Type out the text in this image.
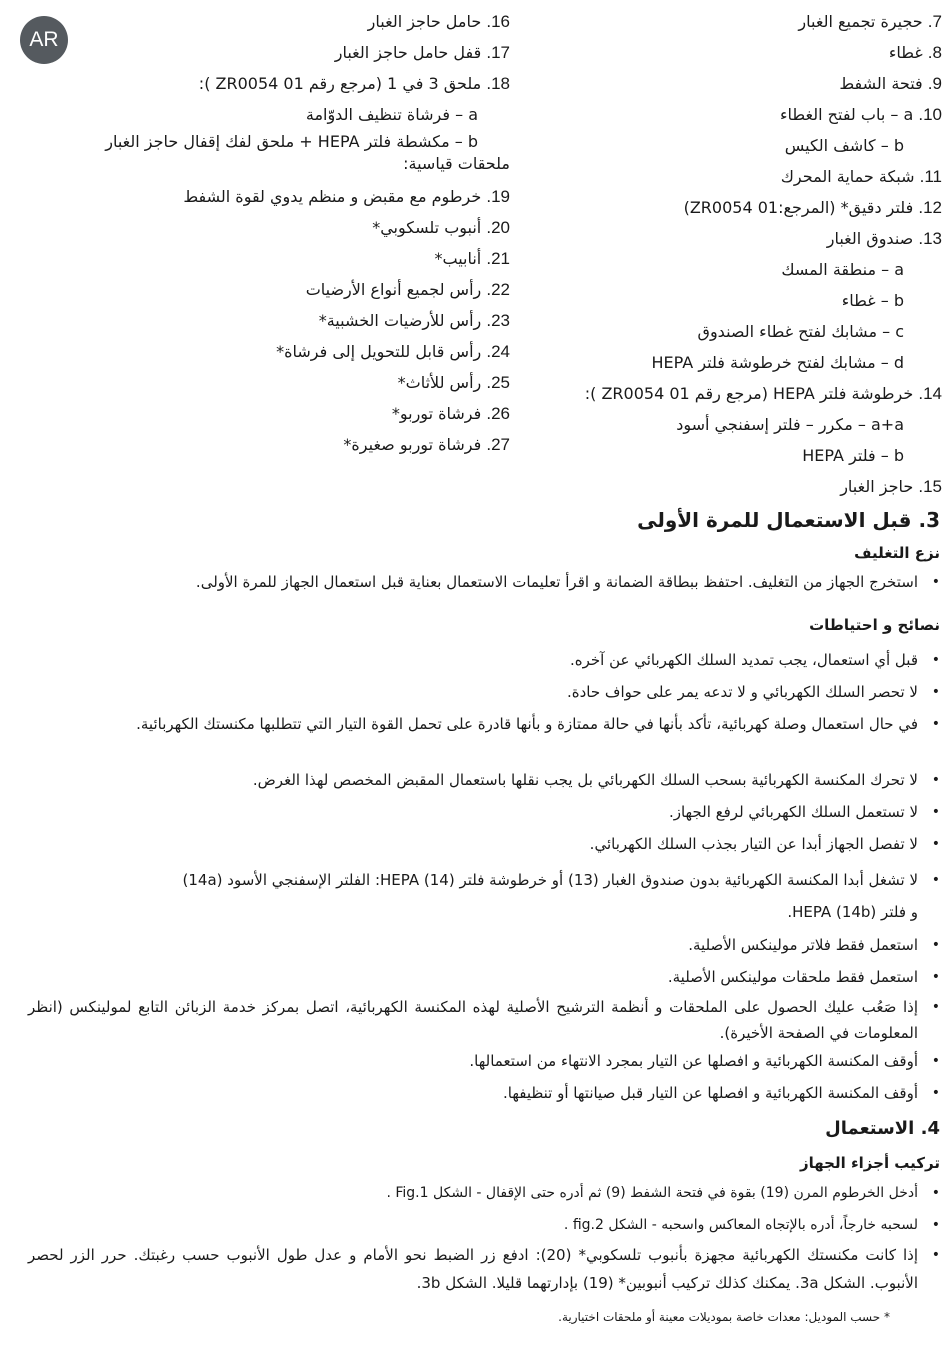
AR
7. حجيرة تجميع الغبار
8. غطاء
9. فتحة الشفط
10. a – باب لفتح الغطاء
b – كاشف الكيس
11. شبكة حماية المحرك
12. فلتر دقيق* (المرجع:ZR0054 01)
13. صندوق الغبار
a – منطقة المسك
b – غطاء
c – مشابك لفتح غطاء الصندوق
d – مشابك لفتح خرطوشة فلتر HEPA
14. خرطوشة فلتر HEPA (مرجع رقم ZR0054 01 ):
a+a – مكرر – فلتر إسفنجي أسود
b – فلتر HEPA
15. حاجز الغبار
16. حامل حاجز الغبار
17. قفل حامل حاجز الغبار
18. ملحق 3 في 1 (مرجع رقم ZR0054 01 ):
a – فرشاة تنظيف الدوّامة
b – مكشطة فلتر HEPA + ملحق لفك إقفال حاجز الغبار
ملحقات قياسية:
19. خرطوم مع مقبض و منظم يدوي لقوة الشفط
20. أنبوب تلسكوبي*
21. أنابيب*
22. رأس لجميع أنواع الأرضيات
23. رأس للأرضيات الخشبية*
24. رأس قابل للتحويل إلى فرشاة*
25. رأس للأثاث*
26. فرشاة توربو*
27. فرشاة توربو صغيرة*
3. قبل الاستعمال للمرة الأولى
نزع التغليف
• استخرج الجهاز من التغليف. احتفظ ببطاقة الضمانة و اقرأ تعليمات الاستعمال بعناية قبل استعمال الجهاز للمرة الأولى.
نصائح و احتياطات
• قبل أي استعمال، يجب تمديد السلك الكهربائي عن آخره.
• لا تحصر السلك الكهربائي و لا تدعه يمر على حواف حادة.
• في حال استعمال وصلة كهربائية، تأكد بأنها في حالة ممتازة و بأنها قادرة على تحمل القوة التيار التي تتطلبها مكنستك الكهربائية.
• لا تحرك المكنسة الكهربائية بسحب السلك الكهربائي بل يجب نقلها باستعمال المقبض المخصص لهذا الغرض.
• لا تستعمل السلك الكهربائي لرفع الجهاز.
• لا تفصل الجهاز أبدا عن التيار بجذب السلك الكهربائي.
• لا تشغل أبدا المكنسة الكهربائية بدون صندوق الغبار (13) أو خرطوشة فلتر HEPA (14): الفلتر الإسفنجي الأسود (14a)
و فلتر HEPA (14b).
• استعمل فقط فلاتر مولينكس الأصلية.
• استعمل فقط ملحقات مولينكس الأصلية.
• إذا صَعُب عليك الحصول على الملحقات و أنظمة الترشيح الأصلية لهذه المكنسة الكهربائية، اتصل بمركز خدمة الزبائن التابع لمولينكس (انظر المعلومات في الصفحة الأخيرة).
• أوقف المكنسة الكهربائية و افصلها عن التيار بمجرد الانتهاء من استعمالها.
• أوقف المكنسة الكهربائية و افصلها عن التيار قبل صيانتها أو تنظيفها.
4. الاستعمال
تركيب أجزاء الجهاز
• أدخل الخرطوم المرن (19) بقوة في فتحة الشفط (9) ثم أدره حتى الإقفال - الشكل Fig.1 .
• لسحبه خارجاً، أدره بالإتجاه المعاكس واسحبه - الشكل fig.2 .
• إذا كانت مكنستك الكهربائية مجهزة بأنبوب تلسكوبي* (20): ادفع زر الضبط نحو الأمام و عدل طول الأنبوب حسب رغبتك. حرر الزر لحصر الأنبوب. الشكل 3a. يمكنك كذلك تركيب أنبوبين* (19) بإدارتهما قليلا. الشكل 3b.
* حسب الموديل: معدات خاصة بموديلات معينة أو ملحقات اختيارية.
